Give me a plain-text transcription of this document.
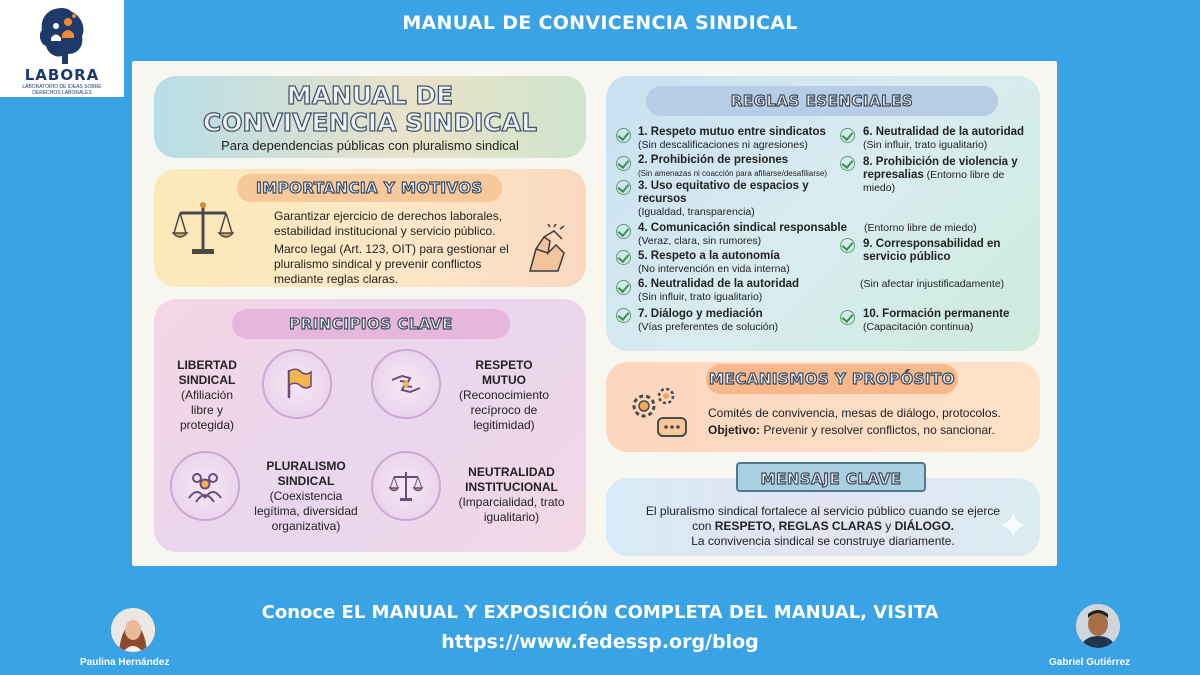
LABORA
LABORATORIO DE IDEAS SOBRE DERECHOS LABORALES
MANUAL DE CONVICENCIA SINDICAL
MANUAL DE
CONVIVENCIA SINDICAL
Para dependencias públicas con pluralismo sindical
IMPORTANCIA Y MOTIVOS
Garantizar ejercicio de derechos laborales, estabilidad institucional y servicio público.
Marco legal (Art. 123, OIT) para gestionar el pluralismo sindical y prevenir conflictos mediante reglas claras.
PRINCIPIOS CLAVE
LIBERTAD
SINDICAL
(Afiliación libre y protegida)
RESPETO
MUTUO
(Reconocimiento recíproco de legitimidad)
PLURALISMO
SINDICAL
(Coexistencia legítima, diversidad organizativa)
NEUTRALIDAD
INSTITUCIONAL
(Imparcialidad, trato igualitario)
REGLAS ESENCIALES
1. Respeto mutuo entre sindicatos
(Sin descalificaciones ni agresiones)
2. Prohibición de presiones
(Sin amenazas ni coacción para afiliarse/desafiliarse)
3. Uso equitativo de espacios y recursos
(Igualdad, transparencia)
4. Comunicación sindical responsable
(Veraz, clara, sin rumores)
5. Respeto a la autonomía
(No intervención en vida interna)
6. Neutralidad de la autoridad
(Sin influir, trato igualitario)
7. Diálogo y mediación
(Vías preferentes de solución)
6. Neutralidad de la autoridad
(Sin influir, trato igualitario)
8. Prohibición de violencia y
represalias (Entorno libre de
miedo)
(Entorno libre de miedo)
9. Corresponsabilidad en
servicio público
(Sin afectar injustificadamente)
10. Formación permanente
(Capacitación continua)
MECANISMOS Y PROPÓSITO
Comités de convivencia, mesas de diálogo, protocolos.
Objetivo: Prevenir y resolver conflictos, no sancionar.
MENSAJE CLAVE
El pluralismo sindical fortalece al servicio público cuando se ejerce
con RESPETO, REGLAS CLARAS y DIÁLOGO.
La convivencia sindical se construye diariamente.
Conoce EL MANUAL Y EXPOSICIÓN COMPLETA DEL MANUAL, VISITA
https://www.fedessp.org/blog
Paulina Hernández	Gabriel Gutiérrez
